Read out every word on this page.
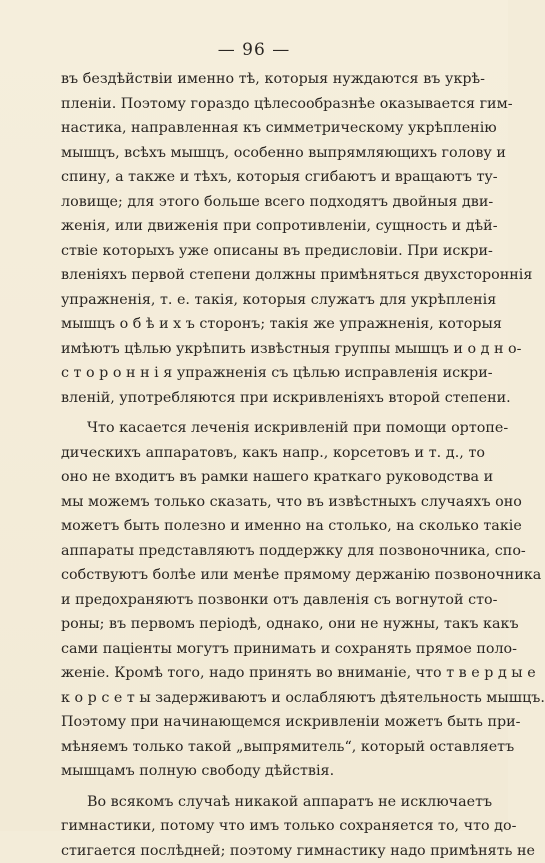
— 96 —
въ бездѣйствіи именно тѣ, которыя нуждаются въ укрѣ-
пленіи. Поэтому гораздо цѣлесообразнѣе оказывается гим-
настика, направленная къ симметрическому укрѣпленію
мышцъ, всѣхъ мышцъ, особенно выпрямляющихъ голову и
спину, а также и тѣхъ, которыя сгибаютъ и вращаютъ ту-
ловище; для этого больше всего подходятъ двойныя дви-
женія, или движенія при сопротивленіи, сущность и дѣй-
ствіе которыхъ уже описаны въ предисловіи. При искри-
вленіяхъ первой степени должны примѣняться двухстороннія
упражненія, т. е. такія, которыя служатъ для укрѣпленія
мышцъ о б ѣ и х ъ сторонъ; такія же упражненія, которыя
имѣютъ цѣлью укрѣпить извѣстныя группы мышцъ и о д н о-
с т о р о н н і я упражненія съ цѣлью исправленія искри-
вленій, употребляются при искривленіяхъ второй степени.
Что касается леченія искривленій при помощи ортопе-
дическихъ аппаратовъ, какъ напр., корсетовъ и т. д., то
оно не входитъ въ рамки нашего краткаго руководства и
мы можемъ только сказать, что въ извѣстныхъ случаяхъ оно
можетъ быть полезно и именно на столько, на сколько такіе
аппараты представляютъ поддержку для позвоночника, спо-
собствуютъ болѣе или менѣе прямому держанію позвоночника
и предохраняютъ позвонки отъ давленія съ вогнутой сто-
роны; въ первомъ періодѣ, однако, они не нужны, такъ какъ
сами паціенты могутъ принимать и сохранять прямое поло-
женіе. Кромѣ того, надо принять во вниманіе, что т в е р д ы е
к о р с е т ы задерживаютъ и ослабляютъ дѣятельность мышцъ.
Поэтому при начинающемся искривленіи можетъ быть при-
мѣняемъ только такой „выпрямитель“, который оставляетъ
мышцамъ полную свободу дѣйствія.
Во всякомъ случаѣ никакой аппаратъ не исключаетъ
гимнастики, потому что имъ только сохраняется то, что до-
стигается послѣдней; поэтому гимнастику надо примѣнять не
